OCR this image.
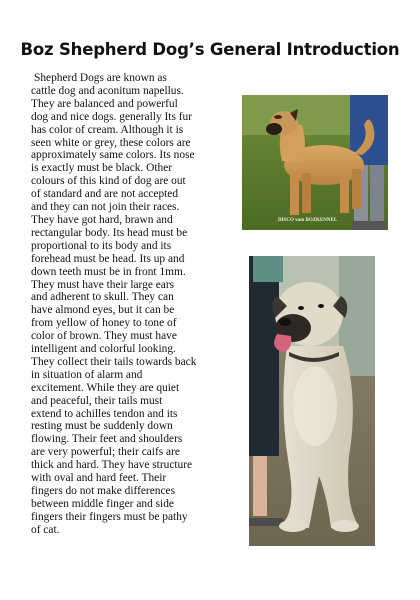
Boz Shepherd Dog’s General Introduction
Shepherd Dogs are known as
cattle dog and aconitum napellus.
They are balanced and powerful
dog and nice dogs. generally Its fur
has color of cream. Although it is
seen white or grey, these colors are
approximately same colors. Its nose
is exactly must be black. Other
colours of this kind of dog are out
of standard and are not accepted
and they can not join their races.
They have got hard, brawn and
rectangular body. Its head must be
proportional to its body and its
forehead must be head. Its up and
down teeth must be in front 1mm.
They must have their large ears
and adherent to skull. They can
have almond eyes, but it can be
from yellow of honey to tone of
color of brown. They must have
intelligent and colorful looking.
They collect their tails towards back
in situation of alarm and
excitement. While they are quiet
and peaceful, their tails must
extend to achilles tendon and its
resting must be suddenly down
flowing. Their feet and shoulders
are very powerful; their caifs are
thick and hard. They have structure
with oval and hard feet. Their
fingers do not make differences
between middle finger and side
fingers their fingers must be pathy
of cat.
DISCO vom BOZKENNEL
